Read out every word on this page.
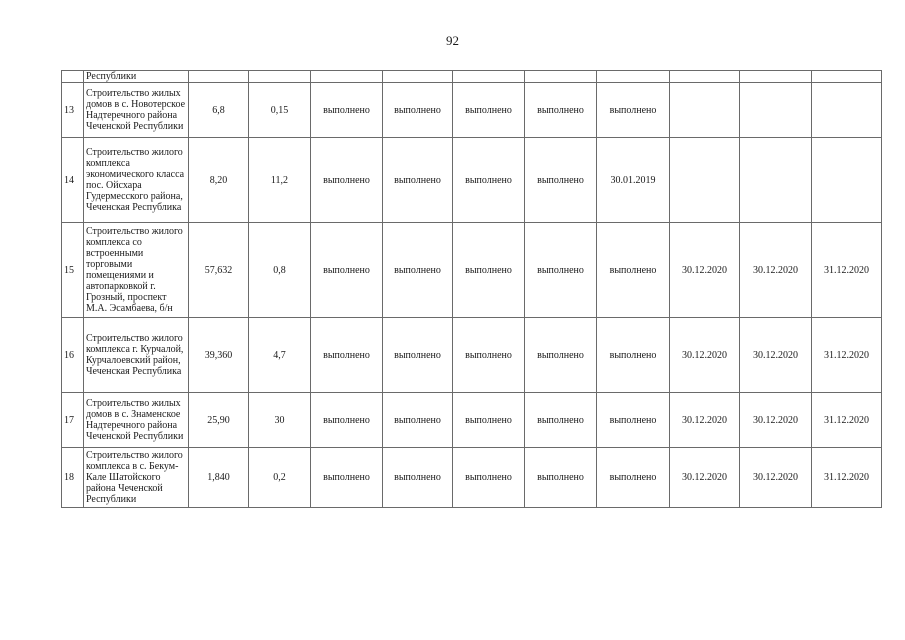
92
	Республики										
13	Строительство жилых домов в с. Новотерское Надтеречного района Чеченской Республики	6,8	0,15	выполнено	выполнено	выполнено	выполнено	выполнено			
14	Строительство жилого комплекса экономического класса пос. Ойсхара Гудермесского района, Чеченская Республика	8,20	11,2	выполнено	выполнено	выполнено	выполнено	30.01.2019			
15	Строительство жилого комплекса со встроенными торговыми помещениями и автопарковкой г. Грозный, проспект М.А. Эсамбаева, б/н	57,632	0,8	выполнено	выполнено	выполнено	выполнено	выполнено	30.12.2020	30.12.2020	31.12.2020
16	Строительство жилого комплекса г. Курчалой, Курчалоевский район, Чеченская Республика	39,360	4,7	выполнено	выполнено	выполнено	выполнено	выполнено	30.12.2020	30.12.2020	31.12.2020
17	Строительство жилых домов в с. Знаменское Надтеречного района Чеченской Республики	25,90	30	выполнено	выполнено	выполнено	выполнено	выполнено	30.12.2020	30.12.2020	31.12.2020
18	Строительство жилого комплекса в с. Бекум-Кале Шатойского района Чеченской Республики	1,840	0,2	выполнено	выполнено	выполнено	выполнено	выполнено	30.12.2020	30.12.2020	31.12.2020
